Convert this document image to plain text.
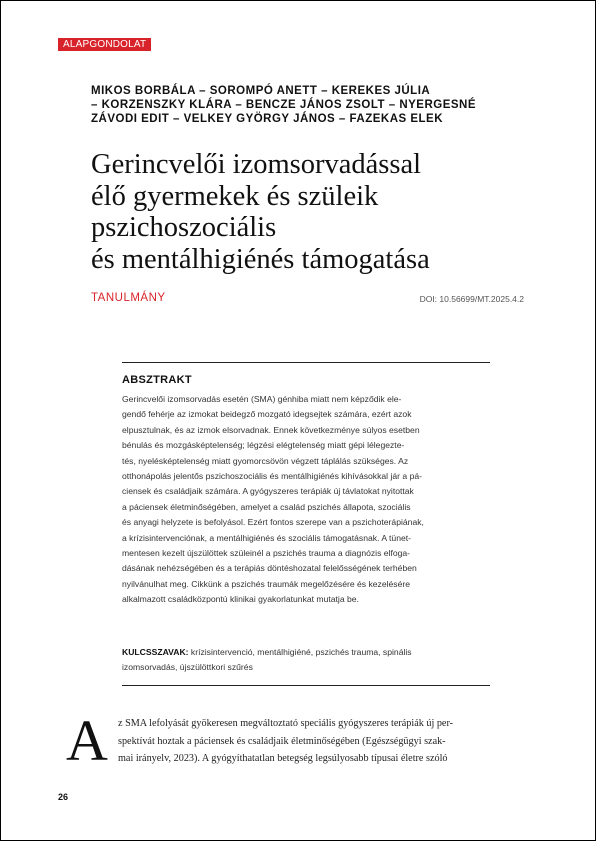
ALAPGONDOLAT
MIKOS BORBÁLA – SOROMPÓ ANETT – KEREKES JÚLIA
– KORZENSZKY KLÁRA – BENCZE JÁNOS ZSOLT – NYERGESNÉ
ZÁVODI EDIT – VELKEY GYÖRGY JÁNOS – FAZEKAS ELEK
Gerincvelői izomsorvadással
élő gyermekek és szüleik
pszichoszociális
és mentálhigiénés támogatása
TANULMÁNY	DOI: 10.56699/MT.2025.4.2
ABSZTRAKT
Gerincvelői izomsorvadás esetén (SMA) génhiba miatt nem képződik ele-
gendő fehérje az izmokat beidegző mozgató idegsejtek számára, ezért azok
elpusztulnak, és az izmok elsorvadnak. Ennek következménye súlyos esetben
bénulás és mozgásképtelenség; légzési elégtelenség miatt gépi lélegezte-
tés, nyelésképtelenség miatt gyomorcsövön végzett táplálás szükséges. Az
otthonápolás jelentős pszichoszociális és mentálhigiénés kihívásokkal jár a pá-
ciensek és családjaik számára. A gyógyszeres terápiák új távlatokat nyitottak
a páciensek életminőségében, amelyet a család pszichés állapota, szociális
és anyagi helyzete is befolyásol. Ezért fontos szerepe van a pszichoterápiának,
a krízisintervenciónak, a mentálhigiénés és szociális támogatásnak. A tünet-
mentesen kezelt újszülöttek szüleinél a pszichés trauma a diagnózis elfoga-
dásának nehézségében és a terápiás döntéshozatal felelősségének terhében
nyilvánulhat meg. Cikkünk a pszichés traumák megelőzésére és kezelésére
alkalmazott családközpontú klinikai gyakorlatunkat mutatja be.
KULCSSZAVAK: krízisintervenció, mentálhigiéné, pszichés trauma, spinális
izomsorvadás, újszülöttkori szűrés
A z SMA lefolyását gyökeresen megváltoztató speciális gyógyszeres terápiák új per-
spektívát hoztak a páciensek és családjaik életminőségében (Egészségügyi szak-
mai irányelv, 2023). A gyógyíthatatlan betegség legsúlyosabb típusai életre szóló
26
